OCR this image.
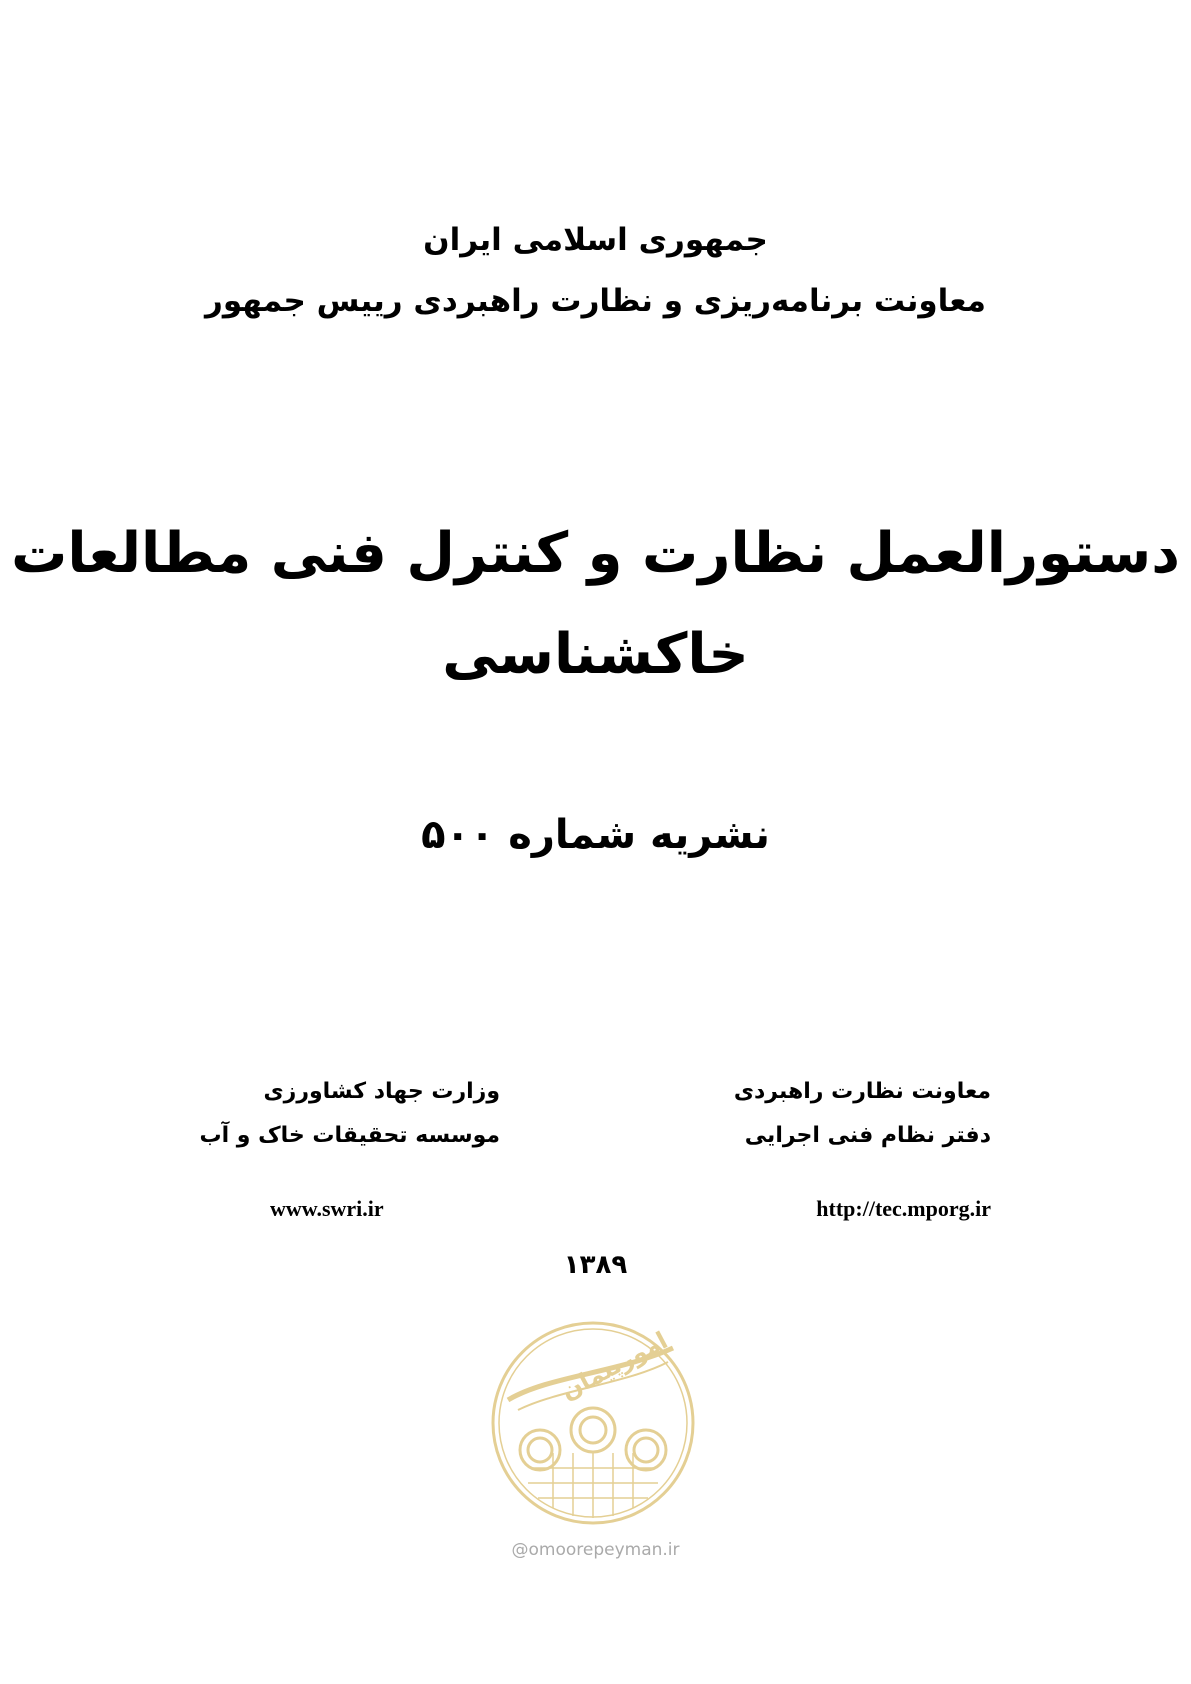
جمهوری اسلامی ایران
معاونت برنامه‌ریزی و نظارت راهبردی رییس جمهور
دستورالعمل نظارت و کنترل فنی مطالعات
خاکشناسی
نشریه شماره ۵۰۰
وزارت جهاد کشاورزی
موسسه تحقیقات خاک و آب
معاونت نظارت راهبردی
دفتر نظام فنی اجرایی
www.swri.ir	http://tec.mporg.ir
۱۳۸۹
امورپیمان
@omoorepeyman.ir
